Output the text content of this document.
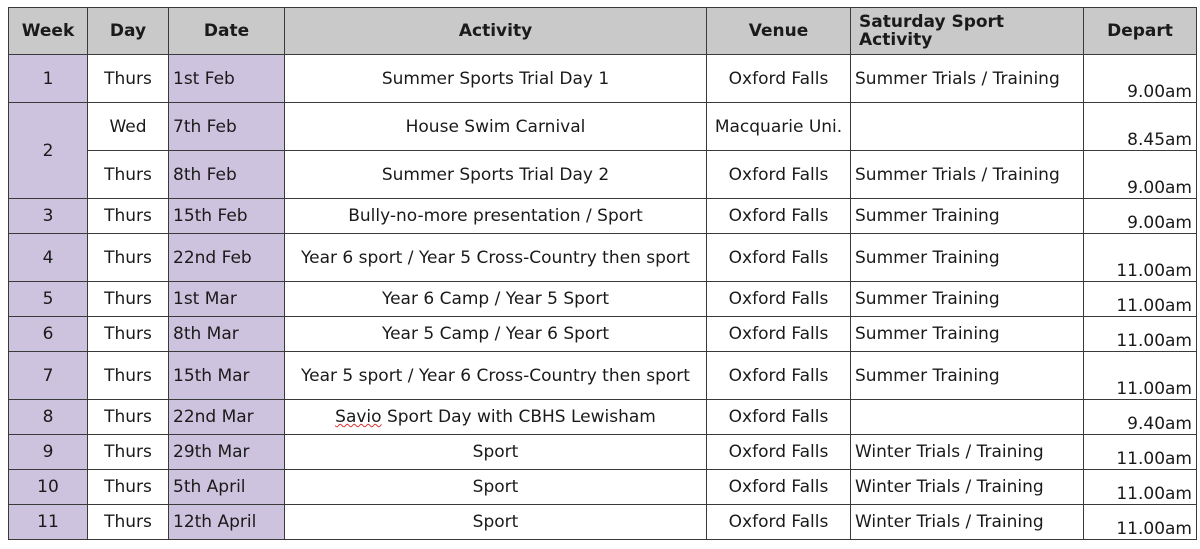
Week	Day	Date	Activity	Venue	Saturday Sport Activity	Depart
1	Thurs	1st Feb	Summer Sports Trial Day 1	Oxford Falls	Summer Trials / Training	9.00am
2	Wed	7th Feb	House Swim Carnival	Macquarie Uni.		8.45am
	Thurs	8th Feb	Summer Sports Trial Day 2	Oxford Falls	Summer Trials / Training	9.00am
3	Thurs	15th Feb	Bully-no-more presentation / Sport	Oxford Falls	Summer Training	9.00am
4	Thurs	22nd Feb	Year 6 sport / Year 5 Cross-Country then sport	Oxford Falls	Summer Training	11.00am
5	Thurs	1st Mar	Year 6 Camp / Year 5 Sport	Oxford Falls	Summer Training	11.00am
6	Thurs	8th Mar	Year 5 Camp / Year 6 Sport	Oxford Falls	Summer Training	11.00am
7	Thurs	15th Mar	Year 5 sport / Year 6 Cross-Country then sport	Oxford Falls	Summer Training	11.00am
8	Thurs	22nd Mar	Savio Sport Day with CBHS Lewisham	Oxford Falls		9.40am
9	Thurs	29th Mar	Sport	Oxford Falls	Winter Trials / Training	11.00am
10	Thurs	5th April	Sport	Oxford Falls	Winter Trials / Training	11.00am
11	Thurs	12th April	Sport	Oxford Falls	Winter Trials / Training	11.00am
